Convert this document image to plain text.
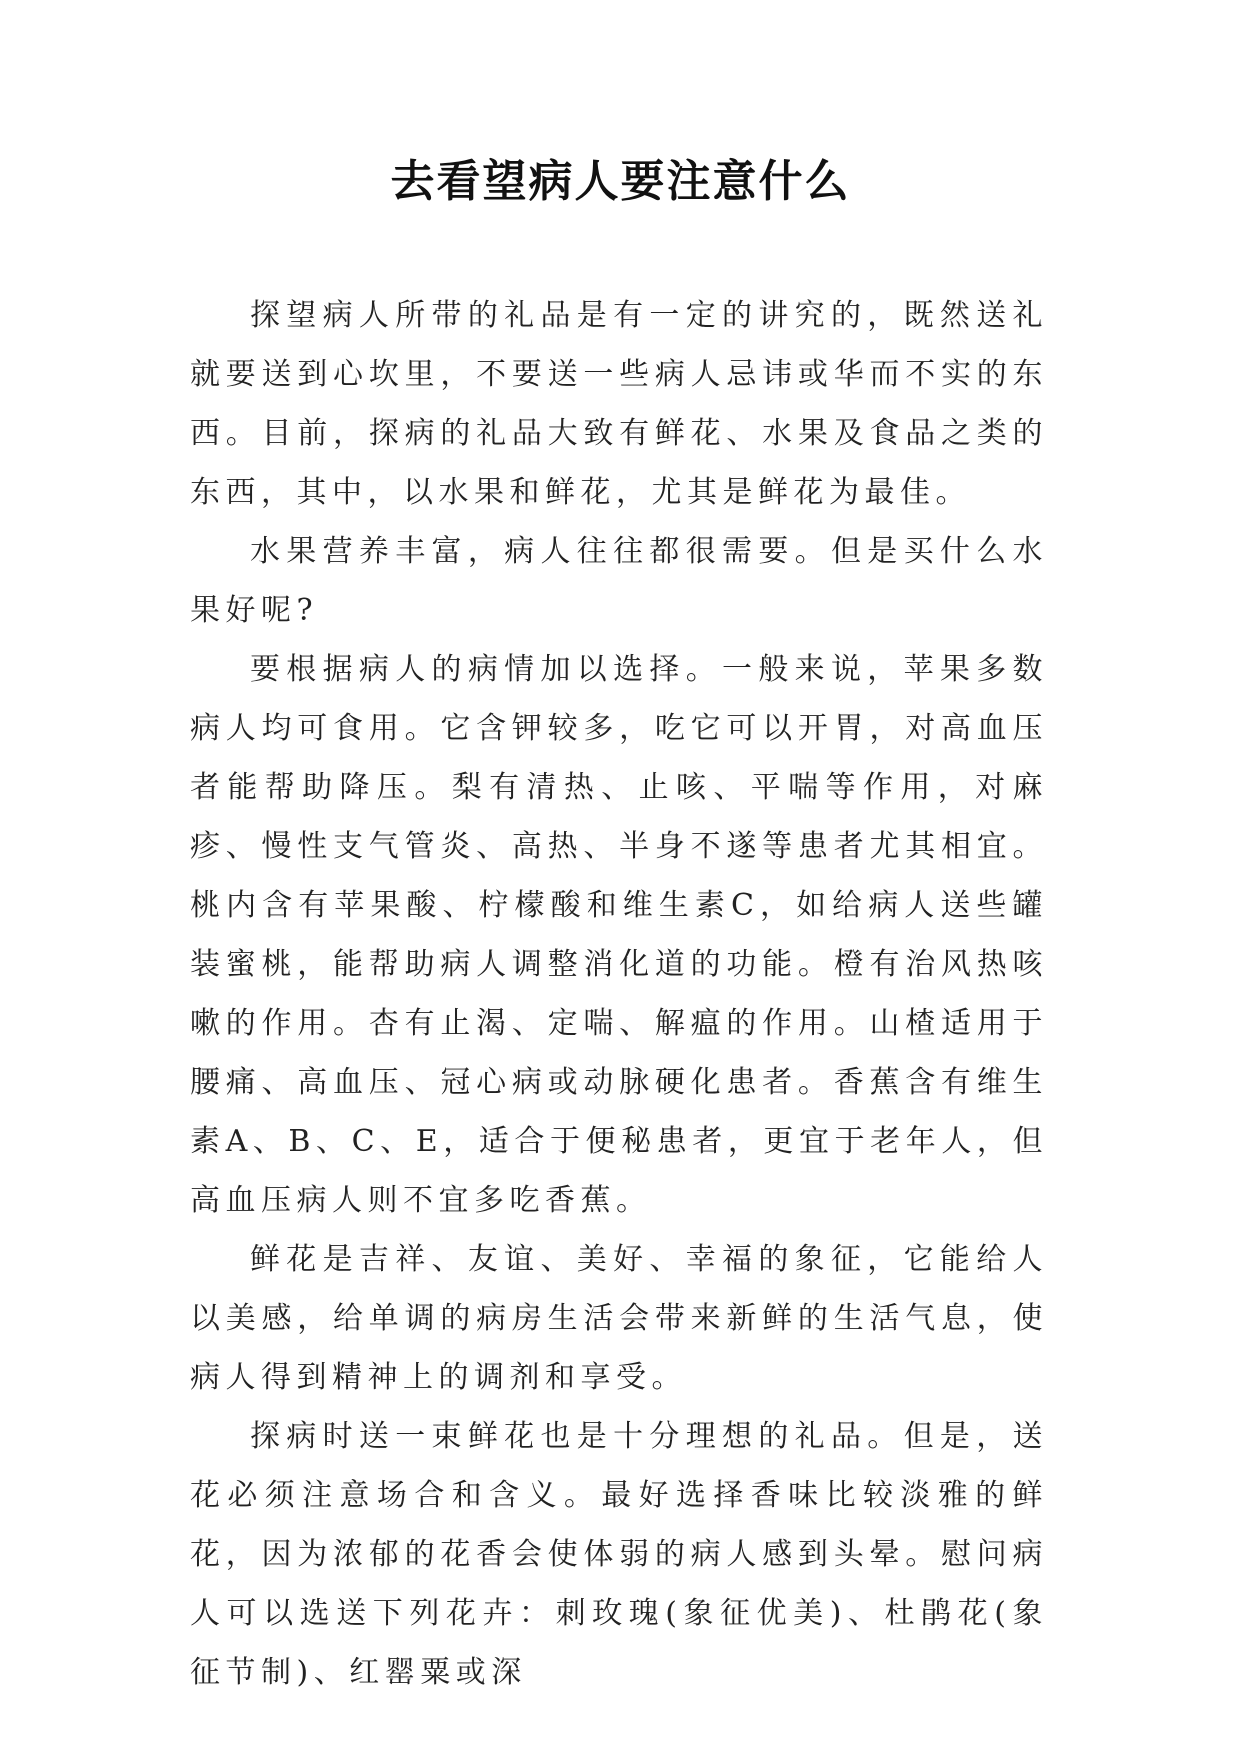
去看望病人要注意什么

探望病人所带的礼品是有一定的讲究的，既然送礼就要送到心坎里，不要送一些病人忌讳或华而不实的东西。目前，探病的礼品大致有鲜花、水果及食品之类的东西，其中，以水果和鲜花，尤其是鲜花为最佳。

水果营养丰富，病人往往都很需要。但是买什么水果好呢?

要根据病人的病情加以选择。一般来说，苹果多数病人均可食用。它含钾较多，吃它可以开胃，对高血压者能帮助降压。梨有清热、止咳、平喘等作用，对麻疹、慢性支气管炎、高热、半身不遂等患者尤其相宜。桃内含有苹果酸、柠檬酸和维生素C，如给病人送些罐装蜜桃，能帮助病人调整消化道的功能。橙有治风热咳嗽的作用。杏有止渴、定喘、解瘟的作用。山楂适用于腰痛、高血压、冠心病或动脉硬化患者。香蕉含有维生素A、B、C、E，适合于便秘患者，更宜于老年人，但高血压病人则不宜多吃香蕉。

鲜花是吉祥、友谊、美好、幸福的象征，它能给人以美感，给单调的病房生活会带来新鲜的生活气息，使病人得到精神上的调剂和享受。

探病时送一束鲜花也是十分理想的礼品。但是，送花必须注意场合和含义。最好选择香味比较淡雅的鲜花，因为浓郁的花香会使体弱的病人感到头晕。慰问病人可以选送下列花卉：刺玫瑰(象征优美)、杜鹃花(象征节制)、红罂粟或深
